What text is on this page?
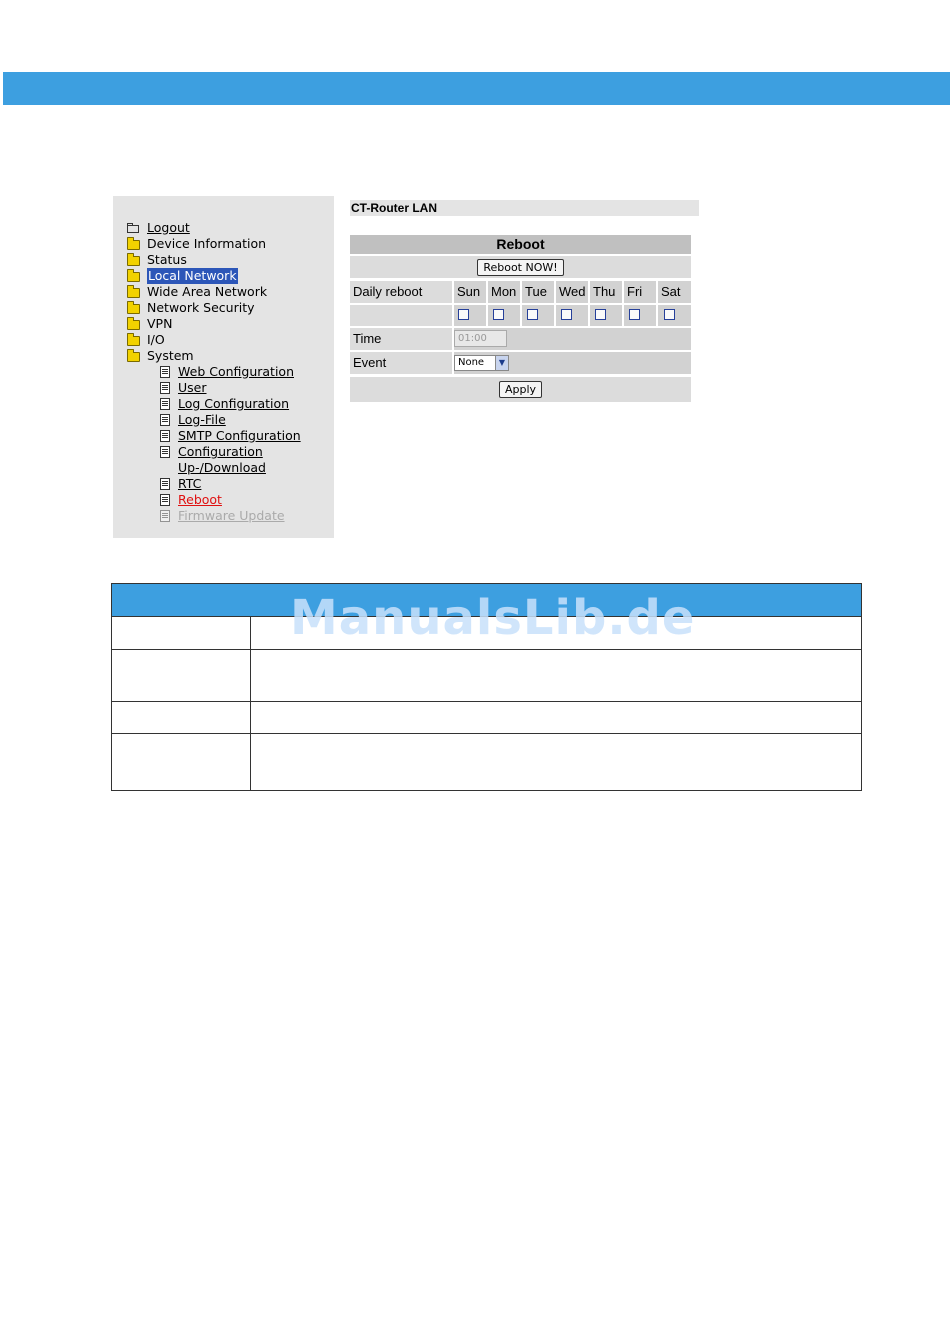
Logout
Device Information
Status
Local Network
Wide Area Network
Network Security
VPN
I/O
System
Web Configuration
User
Log Configuration
Log-File
SMTP Configuration
Configuration
Up-/Download
RTC
Reboot
Firmware Update
CT-Router LAN
Reboot
Reboot NOW!
Daily reboot	Sun Mon Tue Wed Thu Fri	Sat
Time	01:00
Event	None	▼
Apply
ManualsLib.de
